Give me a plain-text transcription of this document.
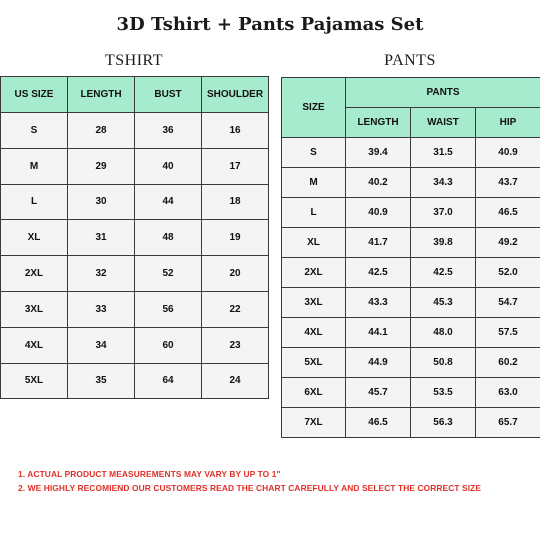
3D Tshirt + Pants Pajamas Set
TSHIRT	PANTS
US SIZE	LENGTH	BUST	SHOULDER
S	28	36	16
M	29	40	17
L	30	44	18
XL	31	48	19
2XL	32	52	20
3XL	33	56	22
4XL	34	60	23
5XL	35	64	24
SIZE	PANTS		
	LENGTH	WAIST	HIP
S	39.4	31.5	40.9
M	40.2	34.3	43.7
L	40.9	37.0	46.5
XL	41.7	39.8	49.2
2XL	42.5	42.5	52.0
3XL	43.3	45.3	54.7
4XL	44.1	48.0	57.5
5XL	44.9	50.8	60.2
6XL	45.7	53.5	63.0
7XL	46.5	56.3	65.7
1. ACTUAL PRODUCT MEASUREMENTS MAY VARY BY UP TO 1"
2. WE HIGHLY RECOMIEND OUR CUSTOMERS READ THE CHART CAREFULLY AND SELECT THE CORRECT SIZE
